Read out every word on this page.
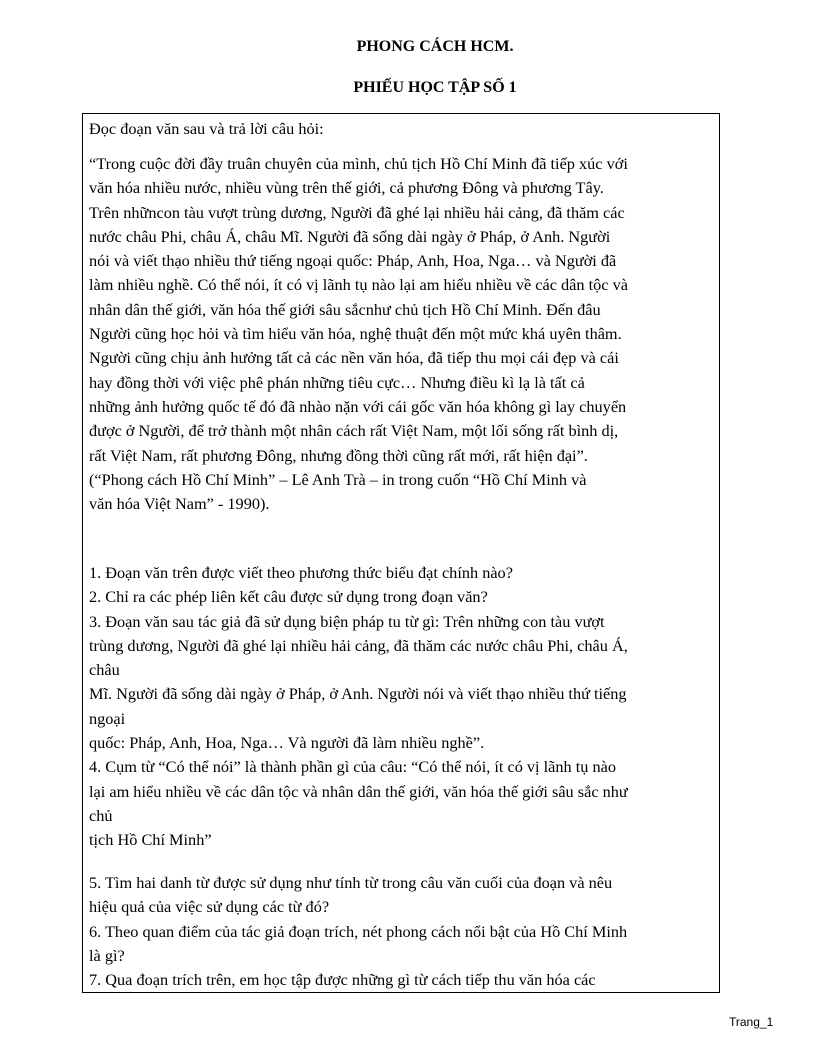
PHONG CÁCH HCM.
PHIẾU HỌC TẬP SỐ 1

Đọc đoạn văn sau và trả lời câu hỏi:

“Trong cuộc đời đầy truân chuyên của mình, chủ tịch Hồ Chí Minh đã tiếp xúc với

văn hóa nhiều nước, nhiều vùng trên thế giới, cả phương Đông và phương Tây.

Trên nhữncon tàu vượt trùng dương, Người đã ghé lại nhiều hải cảng, đã thăm các

nước châu Phi, châu Á, châu Mĩ. Người đã sống dài ngày ở Pháp, ở Anh. Người

nói và viết thạo nhiều thứ tiếng ngoại quốc: Pháp, Anh, Hoa, Nga… và Người đã

làm nhiều nghề. Có thể nói, ít có vị lãnh tụ nào lại am hiểu nhiều về các dân tộc và

nhân dân thế giới, văn hóa thế giới sâu sắcnhư chủ tịch Hồ Chí Minh. Đến đâu

Người cũng học hỏi và tìm hiểu văn hóa, nghệ thuật đến một mức khá uyên thâm.

Người cũng chịu ảnh hưởng tất cả các nền văn hóa, đã tiếp thu mọi cái đẹp và cái

hay đồng thời với việc phê phán những tiêu cực… Nhưng điều kì lạ là tất cả

những ảnh hưởng quốc tế đó đã nhào nặn với cái gốc văn hóa không gì lay chuyển

được ở Người, để trở thành một nhân cách rất Việt Nam, một lối sống rất bình dị,

rất Việt Nam, rất phương Đông, nhưng đồng thời cũng rất mới, rất hiện đại”.

(“Phong cách Hồ Chí Minh” – Lê Anh Trà – in trong cuốn “Hồ Chí Minh và

văn hóa Việt Nam” - 1990).

1. Đoạn văn trên được viết theo phương thức biểu đạt chính nào?

2. Chỉ ra các phép liên kết câu được sử dụng trong đoạn văn?

3. Đoạn văn sau tác giả đã sử dụng biện pháp tu từ gì: Trên những con tàu vượt

trùng dương, Người đã ghé lại nhiều hải cảng, đã thăm các nước châu Phi, châu Á,

châu

Mĩ. Người đã sống dài ngày ở Pháp, ở Anh. Người nói và viết thạo nhiều thứ tiếng

ngoại

quốc: Pháp, Anh, Hoa, Nga… Và người đã làm nhiều nghề”.

4. Cụm từ “Có thể nói” là thành phần gì của câu: “Có thể nói, ít có vị lãnh tụ nào

lại am hiểu nhiều về các dân tộc và nhân dân thế giới, văn hóa thế giới sâu sắc như

chủ

tịch Hồ Chí Minh”

5. Tìm hai danh từ được sử dụng như tính từ trong câu văn cuối của đoạn và nêu

hiệu quả của việc sử dụng các từ đó?

6. Theo quan điểm của tác giả đoạn trích, nét phong cách nổi bật của Hồ Chí Minh

là gì?

7. Qua đoạn trích trên, em học tập được những gì từ cách tiếp thu văn hóa các

Trang_1
